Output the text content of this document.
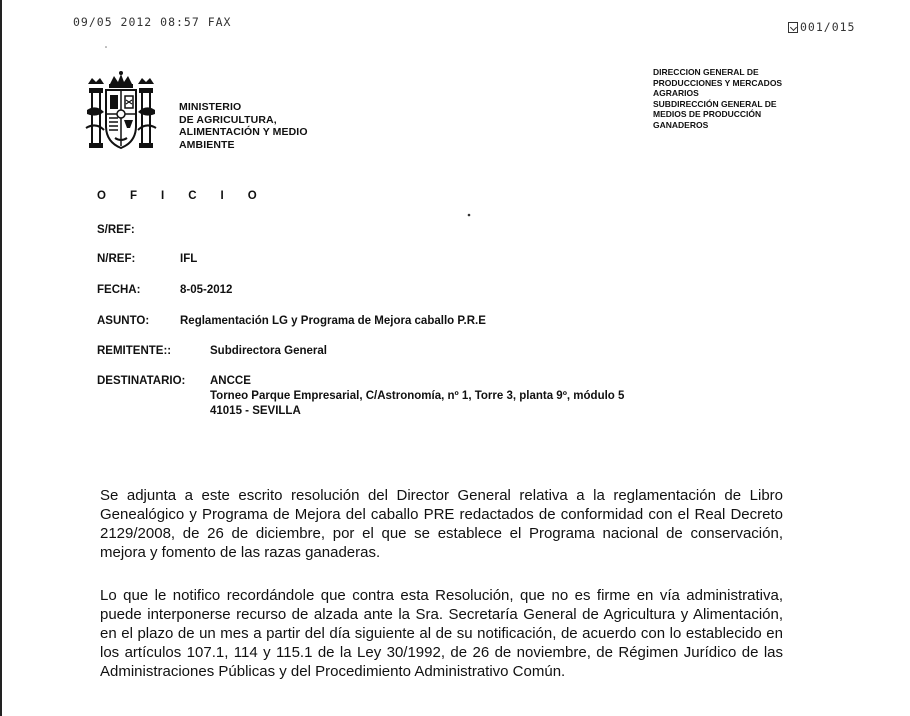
09/05 2012 08:57 FAX	001/015
MINISTERIO
DE AGRICULTURA,
ALIMENTACIÓN Y MEDIO
AMBIENTE
DIRECCION GENERAL DE
PRODUCCIONES Y MERCADOS
AGRARIOS
SUBDIRECCIÓN GENERAL DE
MEDIOS DE PRODUCCIÓN
GANADEROS
O F I C I O
S/REF:
N/REF:	IFL
FECHA:	8-05-2012
ASUNTO:	Reglamentación LG y Programa de Mejora caballo P.R.E
REMITENTE::	Subdirectora General
DESTINATARIO: ANCCE
Torneo Parque Empresarial, C/Astronomía, nº 1, Torre 3, planta 9º, módulo 5
41015 - SEVILLA

Se adjunta a este escrito resolución del Director General relativa a la reglamentación de Libro Genealógico y Programa de Mejora del caballo PRE redactados de conformidad con el Real Decreto 2129/2008, de 26 de diciembre, por el que se establece el Programa nacional de conservación, mejora y fomento de las razas ganaderas.

Lo que le notifico recordándole que contra esta Resolución, que no es firme en vía administrativa, puede interponerse recurso de alzada ante la Sra. Secretaría General de Agricultura y Alimentación, en el plazo de un mes a partir del día siguiente al de su notificación, de acuerdo con lo establecido en los artículos 107.1, 114 y 115.1 de la Ley 30/1992, de 26 de noviembre, de Régimen Jurídico de las Administraciones Públicas y del Procedimiento Administrativo Común.
